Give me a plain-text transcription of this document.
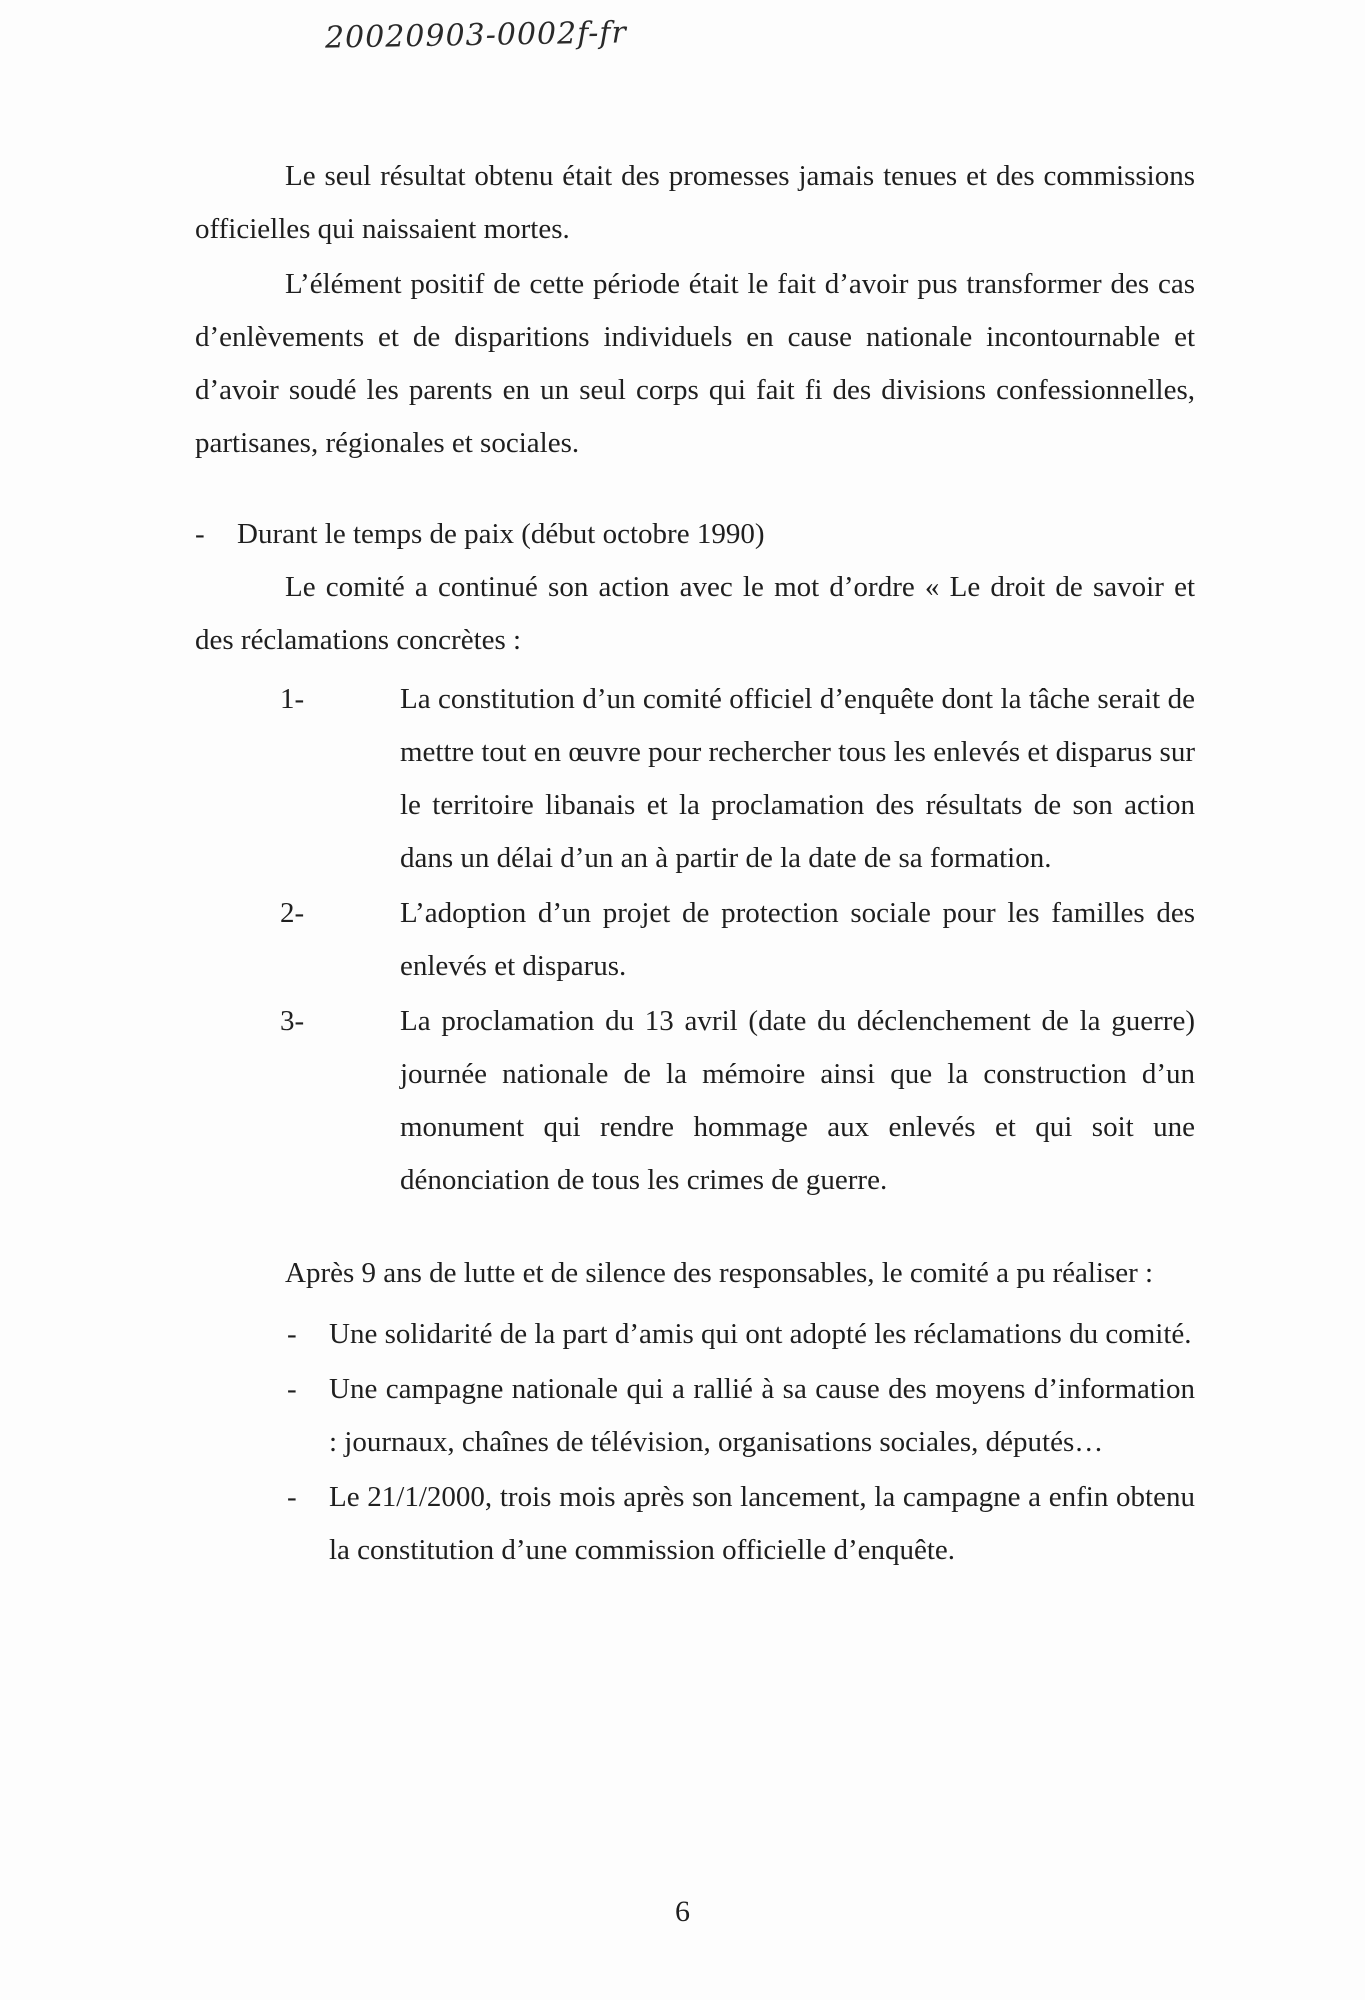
20020903-0002f-fr

Le seul résultat obtenu était des promesses jamais tenues et des commissions officielles qui naissaient mortes.

L’élément positif de cette période était le fait d’avoir pus transformer des cas d’enlèvements et de disparitions individuels en cause nationale incontournable et d’avoir soudé les parents en un seul corps qui fait fi des divisions confessionnelles, partisanes, régionales et sociales.

-	Durant le temps de paix (début octobre 1990)

Le comité a continué son action avec le mot d’ordre « Le droit de savoir et des réclamations concrètes :

1-	La constitution d’un comité officiel d’enquête dont la tâche serait de mettre tout en œuvre pour rechercher tous les enlevés et disparus sur le territoire libanais et la proclamation des résultats de son action dans un délai d’un an à partir de la date de sa formation.
2-	L’adoption d’un projet de protection sociale pour les familles des enlevés et disparus.
3-	La proclamation du 13 avril (date du déclenchement de la guerre) journée nationale de la mémoire ainsi que la construction d’un monument qui rendre hommage aux enlevés et qui soit une dénonciation de tous les crimes de guerre.

Après 9 ans de lutte et de silence des responsables, le comité a pu réaliser :

-	Une solidarité de la part d’amis qui ont adopté les réclamations du comité.
-	Une campagne nationale qui a rallié à sa cause des moyens d’information : journaux, chaînes de télévision, organisations sociales, députés…
-	Le 21/1/2000, trois mois après son lancement, la campagne a enfin obtenu la constitution d’une commission officielle d’enquête.
6
